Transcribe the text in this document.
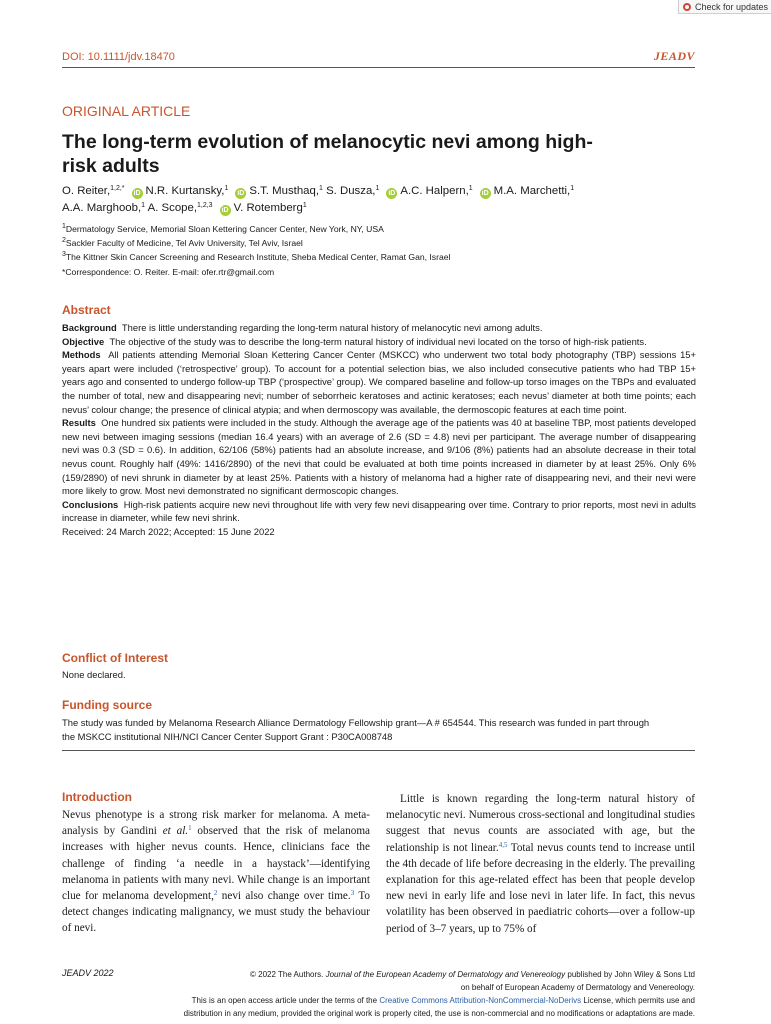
Check for updates
DOI: 10.1111/jdv.18470	JEADV
ORIGINAL ARTICLE
The long-term evolution of melanocytic nevi among high-risk adults
O. Reiter,$^{1,2,*}$iD N.R. Kurtansky,$^1$iD S.T. Musthaq,$^1$ S. Dusza,$^1$iD A.C. Halpern,$^1$iD M.A. Marchetti,$^1$
A.A. Marghoob,$^1$ A. Scope,$^{1,2,3}$iD V. Rotemberg$^1$
$^1$Dermatology Service, Memorial Sloan Kettering Cancer Center, New York, NY, USA
$^2$Sackler Faculty of Medicine, Tel Aviv University, Tel Aviv, Israel
$^3$The Kittner Skin Cancer Screening and Research Institute, Sheba Medical Center, Ramat Gan, Israel
*Correspondence: O. Reiter. E-mail: ofer.rtr@gmail.com
Abstract

Background There is little understanding regarding the long-term natural history of melanocytic nevi among adults.

Objective The objective of the study was to describe the long-term natural history of individual nevi located on the torso of high-risk patients.

Methods All patients attending Memorial Sloan Kettering Cancer Center (MSKCC) who underwent two total body photography (TBP) sessions 15+ years apart were included (‘retrospective’ group). To account for a potential selection bias, we also included consecutive patients who had TBP 15+ years ago and consented to undergo follow-up TBP (‘prospective’ group). We compared baseline and follow-up torso images on the TBPs and evaluated the number of total, new and disappearing nevi; number of seborrheic keratoses and actinic keratoses; each nevus’ diameter at both time points; each nevus’ colour change; the presence of clinical atypia; and when dermoscopy was available, the dermoscopic features at each time point.

Results One hundred six patients were included in the study. Although the average age of the patients was 40 at baseline TBP, most patients developed new nevi between imaging sessions (median 16.4 years) with an average of 2.6 (SD = 4.8) nevi per participant. The average number of disappearing nevi was 0.3 (SD = 0.6). In addition, 62/106 (58%) patients had an absolute increase, and 9/106 (8%) patients had an absolute decrease in their total nevus count. Roughly half (49%: 1416/2890) of the nevi that could be evaluated at both time points increased in diameter by at least 25%. Only 6% (159/2890) of nevi shrunk in diameter by at least 25%. Patients with a history of melanoma had a higher rate of disappearing nevi, and their nevi were more likely to grow. Most nevi demonstrated no significant dermoscopic changes.

Conclusions High-risk patients acquire new nevi throughout life with very few nevi disappearing over time. Contrary to prior reports, most nevi in adults increase in diameter, while few nevi shrink.

Received: 24 March 2022; Accepted: 15 June 2022

Conflict of Interest
None declared.
Funding source
The study was funded by Melanoma Research Alliance Dermatology Fellowship grant—A # 654544. This research was funded in part through the MSKCC institutional NIH/NCI Cancer Center Support Grant : P30CA008748
Introduction

Nevus phenotype is a strong risk marker for melanoma. A meta-analysis by Gandini et al.$^1$ observed that the risk of melanoma increases with higher nevus counts. Hence, clinicians face the challenge of finding ‘a needle in a haystack’—identifying melanoma in patients with many nevi. While change is an important clue for melanoma development,$^2$ nevi also change over time.$^3$ To detect changes indicating malignancy, we must study the behaviour of nevi.

Little is known regarding the long-term natural history of melanocytic nevi. Numerous cross-sectional and longitudinal studies suggest that nevus counts are associated with age, but the relationship is not linear.$^{4,5}$ Total nevus counts tend to increase until the 4th decade of life before decreasing in the elderly. The prevailing explanation for this age-related effect has been that people develop new nevi in early life and lose nevi in later life. In fact, this nevus volatility has been observed in paediatric cohorts—over a follow-up period of 3–7 years, up to 75% of

JEADV 2022	© 2022 The Authors. Journal of the European Academy of Dermatology and Venereology published by John Wiley & Sons Ltd
on behalf of European Academy of Dermatology and Venereology.
This is an open access article under the terms of the Creative Commons Attribution-NonCommercial-NoDerivs License, which permits use and
distribution in any medium, provided the original work is properly cited, the use is non-commercial and no modifications or adaptations are made.
